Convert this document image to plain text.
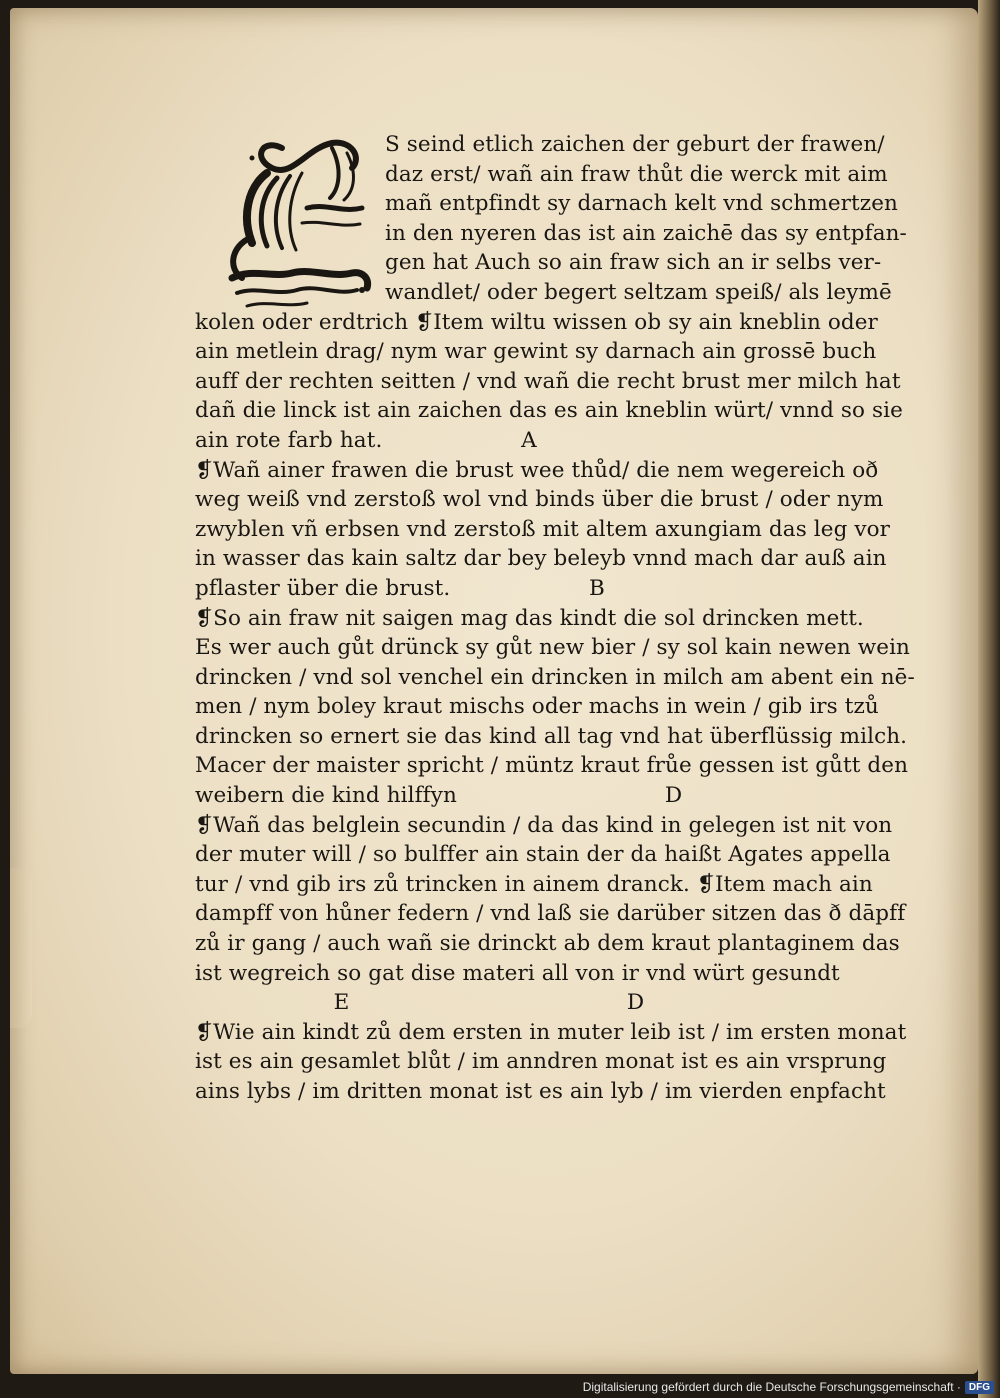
S seind etlich zaichen der geburt der frawen/
daz erst/ wañ ain fraw thůt die werck mit aim
mañ entpfindt sy darnach kelt vnd schmertzen
in den nyeren das ist ain zaichē das sy entpfan-
gen hat Auch so ain fraw sich an ir selbs ver-
wandlet/ oder begert seltzam speiß/ als leymē
kolen oder erdtrich ❡Item wiltu wissen ob sy ain kneblin oder
ain metlein drag/ nym war gewint sy darnach ain grossē buch
auff der rechten seitten / vnd wañ die recht brust mer milch hat
dañ die linck ist ain zaichen das es ain kneblin würt/ vnnd so sie
ain rote farb hat.                    A
❡Wañ ainer frawen die brust wee thůd/ die nem wegereich oð
weg weiß vnd zerstoß wol vnd binds über die brust / oder nym
zwyblen vñ erbsen vnd zerstoß mit altem axungiam das leg vor
in wasser das kain saltz dar bey beleyb vnnd mach dar auß ain
pflaster über die brust.                    B
❡So ain fraw nit saigen mag das kindt die sol drincken mett.
Es wer auch gůt drünck sy gůt new bier / sy sol kain newen wein
drincken / vnd sol venchel ein drincken in milch am abent ein nē-
men / nym boley kraut mischs oder machs in wein / gib irs tzů
drincken so ernert sie das kind all tag vnd hat überflüssig milch.
Macer der maister spricht / müntz kraut frůe gessen ist gůtt den
weibern die kind hilffyn                              D
❡Wañ das belglein secundin / da das kind in gelegen ist nit von
der muter will / so bulffer ain stain der da haißt Agates appella
tur / vnd gib irs zů trincken in ainem dranck. ❡Item mach ain
dampff von hůner federn / vnd laß sie darüber sitzen das ð dāpff
zů ir gang / auch wañ sie drinckt ab dem kraut plantaginem das
ist wegreich so gat dise materi all von ir vnd würt gesundt
E                                        D
❡Wie ain kindt zů dem ersten in muter leib ist / im ersten monat
ist es ain gesamlet blůt / im anndren monat ist es ain vrsprung
ains lybs / im dritten monat ist es ain lyb / im vierden enpfacht
Digitalisierung gefördert durch die Deutsche Forschungsgemeinschaft · DFG
